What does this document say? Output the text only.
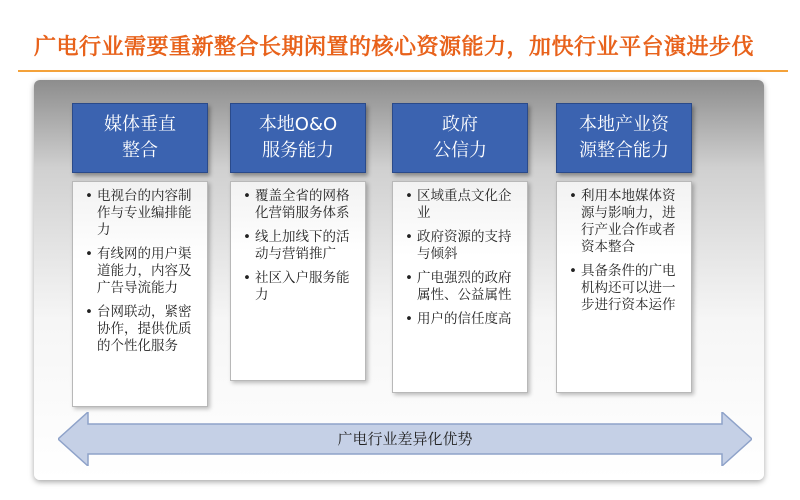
广电行业需要重新整合长期闲置的核心资源能力，加快行业平台演进步伐
媒体垂直
整合
• 电视台的内容制作与专业编排能力
• 有线网的用户渠道能力，内容及广告导流能力
• 台网联动，紧密协作，提供优质的个性化服务
本地O&O
服务能力
• 覆盖全省的网格化营销服务体系
• 线上加线下的活动与营销推广
• 社区入户服务能力
政府
公信力
• 区域重点文化企业
• 政府资源的支持与倾斜
• 广电强烈的政府属性、公益属性
• 用户的信任度高
本地产业资
源整合能力
• 利用本地媒体资源与影响力，进行产业合作或者资本整合
• 具备条件的广电机构还可以进一步进行资本运作
广电行业差异化优势
